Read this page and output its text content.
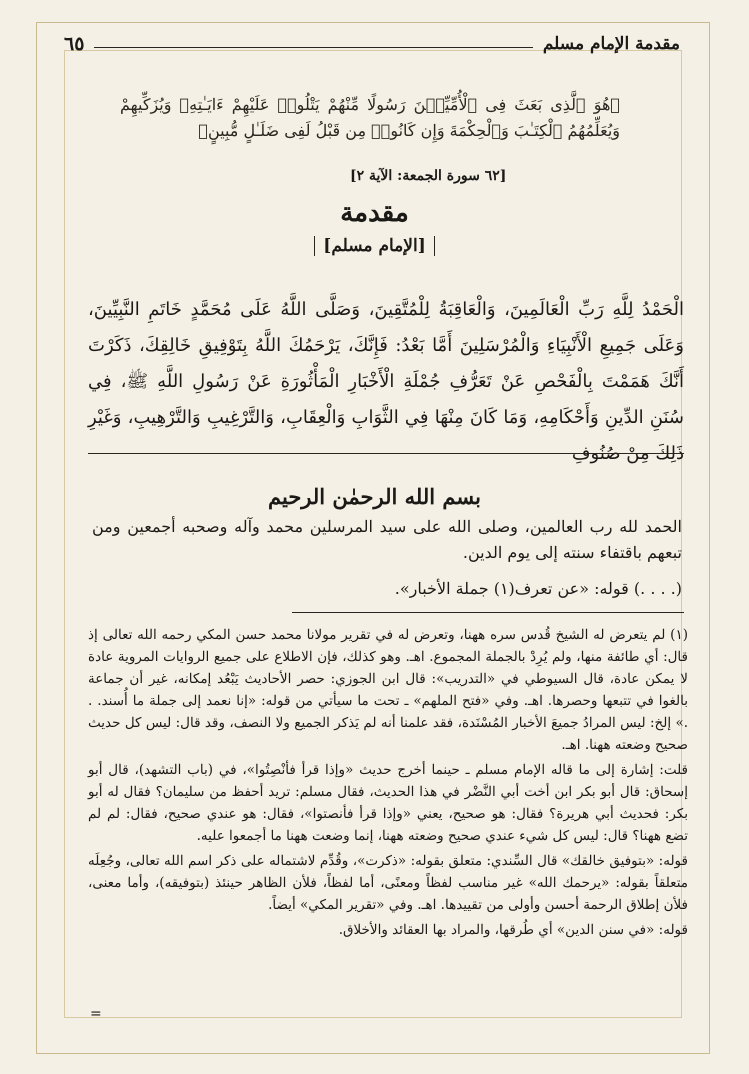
مقدمة الإمام مسلم
٦٥
﴿هُوَ ٱلَّذِى بَعَثَ فِى ٱلْأُمِّيِّـۧنَ رَسُولًا مِّنْهُمْ يَتْلُوا۟ عَلَيْهِمْ ءَايَـٰتِهِۦ وَيُزَكِّيهِمْ وَيُعَلِّمُهُمُ ٱلْكِتَـٰبَ وَٱلْحِكْمَةَ وَإِن كَانُوا۟ مِن قَبْلُ لَفِى ضَلَـٰلٍ مُّبِينٍ﴾
[٦٢ سورة الجمعة: الآية ٢]
مقدمة
[الإمام مسلم]
الْحَمْدُ لِلَّهِ رَبِّ الْعَالَمِينَ، وَالْعَاقِبَةُ لِلْمُتَّقِينَ، وَصَلَّى اللَّهُ عَلَى مُحَمَّدٍ خَاتَمِ النَّبِيِّينَ، وَعَلَى جَمِيعِ الْأَنْبِيَاءِ وَالْمُرْسَلِينَ أَمَّا بَعْدُ: فَإِنَّكَ، يَرْحَمُكَ اللَّهُ بِتَوْفِيقِ خَالِقِكَ، ذَكَرْتَ أَنَّكَ هَمَمْتَ بِالْفَحْصِ عَنْ تَعَرُّفِ جُمْلَةِ الْأَخْبَارِ الْمَأْثُورَةِ عَنْ رَسُولِ اللَّهِ ﷺ، فِي سُنَنِ الدِّينِ وَأَحْكَامِهِ، وَمَا كَانَ مِنْهَا فِي الثَّوَابِ وَالْعِقَابِ، وَالتَّرْغِيبِ وَالتَّرْهِيبِ، وَغَيْرِ ذَلِكَ مِنْ صُنُوفِ
بسم الله الرحمٰن الرحيم
الحمد لله رب العالمين، وصلى الله على سيد المرسلين محمد وآله وصحبه أجمعين ومن تبعهم باقتفاء سنته إلى يوم الدين.
(. . . .) قوله: «عن تعرف(١) جملة الأخبار».
(١) لم يتعرض له الشيخ قُدس سره ههنا، وتعرض له في تقرير مولانا محمد حسن المكي رحمه الله تعالى إذ قال: أي طائفة منها، ولم يُرِدْ بالجملة المجموع. اهـ. وهو كذلك، فإن الاطلاع على جميع الروايات المروية عادة لا يمكن عادة، قال السيوطي في «التدريب»: قال ابن الجوزي: حصر الأحاديث يَبْعُد إمكانه، غير أن جماعة بالغوا في تتبعها وحصرها. اهـ. وفي «فتح الملهم» ـ تحت ما سيأتي من قوله: «إنا نعمد إلى جملة ما أُسند. . .» إلخ: ليس المرادُ جميعَ الأخبار المُسْنَدة، فقد علمنا أنه لم يَذكر الجميع ولا النصف، وقد قال: ليس كل حديث صحيح وضعته ههنا. اهـ.
قلت: إشارة إلى ما قاله الإمام مسلم ـ حينما أخرج حديث «وإذا قرأ فأنْصِتُوا»، في (باب التشهد)، قال أبو إسحاق: قال أبو بكر ابن أخت أبي النَّضْر في هذا الحديث، فقال مسلم: تريد أحفظ من سليمان؟ فقال له أبو بكر: فحديث أبي هريرة؟ فقال: هو صحيح، يعني «وإذا قرأ فأنصتوا»، فقال: هو عندي صحيح، فقال: لم لم تضع ههنا؟ قال: ليس كل شيء عندي صحيح وضعته ههنا، إنما وضعت ههنا ما أجمعوا عليه.
قوله: «بتوفيق خالقك» قال السِّندي: متعلق بقوله: «ذكرت»، وقُدِّم لاشتماله على ذكر اسم الله تعالى، وجُعِلَه متعلقاً بقوله: «يرحمك الله» غير مناسب لفظاً ومعنًى، أما لفظاً، فلأن الظاهر حينئذ (بتوفيقه)، وأما معنى، فلأن إطلاق الرحمة أحسن وأولى من تقييدها. اهـ. وفي «تقرير المكي» أيضاً.
قوله: «في سنن الدين» أي طُرقها، والمراد بها العقائد والأخلاق.
=
